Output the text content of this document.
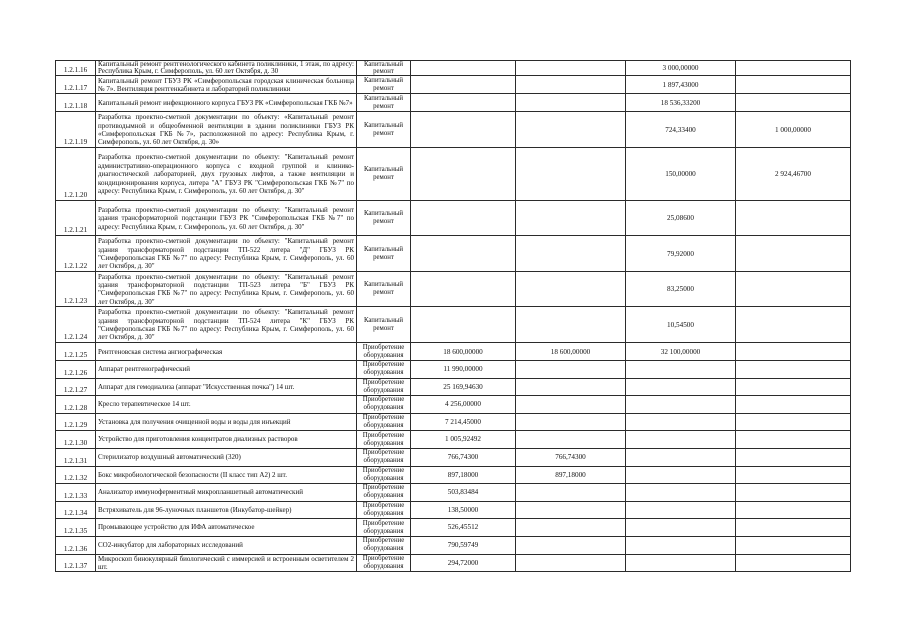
1.2.1.16	Капитальный ремонт рентгенологического кабинета поликлиники, 1 этаж, по адресу: Республика Крым, г. Симферополь, ул. 60 лет Октября, д. 30	Капитальный ремонт			3 000,00000	
1.2.1.17	Капитальный ремонт ГБУЗ РК «Симферопольская городская клиническая больница № 7». Вентиляция рентгенкабинета и лабораторий поликлиники	Капитальный ремонт			1 897,43000	
1.2.1.18	Капитальный ремонт инфекционного корпуса ГБУЗ РК «Симферопольская ГКБ №7»	Капитальный ремонт			18 536,33200	
1.2.1.19	Разработка проектно-сметной документации по объекту: «Капитальный ремонт противодымной и общеобменной вентиляции в здании поликлиники ГБУЗ РК «Симферопольская ГКБ №7», расположенной по адресу: Республика Крым, г. Симферополь, ул. 60 лет Октября, д. 30»	Капитальный ремонт			724,33400	1 000,00000
1.2.1.20	Разработка проектно-сметной документации по объекту: "Капитальный ремонт административно-операционного корпуса с входной группой и клинико-диагностической лабораторией, двух грузовых лифтов, а также вентиляции и кондиционирования корпуса, литера "А" ГБУЗ РК "Симферопольская ГКБ №7" по адресу: Республика Крым, г. Симферополь, ул. 60 лет Октября, д. 30"	Капитальный ремонт			150,00000	2 924,46700
1.2.1.21	Разработка проектно-сметной документации по объекту: "Капитальный ремонт здания трансформаторной подстанции ГБУЗ РК "Симферопольская ГКБ №7" по адресу: Республика Крым, г. Симферополь, ул. 60 лет Октября, д. 30"	Капитальный ремонт			25,08600	
1.2.1.22	Разработка проектно-сметной документации по объекту: "Капитальный ремонт здания трансформаторной подстанции ТП-522 литера "Д" ГБУЗ РК "Симферопольская ГКБ №7" по адресу: Республика Крым, г. Симферополь, ул. 60 лет Октября, д. 30"	Капитальный ремонт			79,92000	
1.2.1.23	Разработка проектно-сметной документации по объекту: "Капитальный ремонт здания трансформаторной подстанции ТП-523 литера "Б" ГБУЗ РК "Симферопольская ГКБ №7" по адресу: Республика Крым, г. Симферополь, ул. 60 лет Октября, д. 30"	Капитальный ремонт			83,25000	
1.2.1.24	Разработка проектно-сметной документации по объекту: "Капитальный ремонт здания трансформаторной подстанции ТП-524 литера "К" ГБУЗ РК "Симферопольская ГКБ №7" по адресу: Республика Крым, г. Симферополь, ул. 60 лет Октября, д. 30"	Капитальный ремонт			10,54500	
1.2.1.25	Рентгеновская система ангиографическая	Приобретение оборудования	18 600,00000	18 600,00000	32 100,00000	
1.2.1.26	Аппарат рентгенографический	Приобретение оборудования	11 990,00000			
1.2.1.27	Аппарат для гемодиализа (аппарат "Искусственная почка") 14 шт.	Приобретение оборудования	25 169,94630			
1.2.1.28	Кресло терапевтическое 14 шт.	Приобретение оборудования	4 256,00000			
1.2.1.29	Установка для получения очищенной воды и воды для инъекций	Приобретение оборудования	7 214,45000			
1.2.1.30	Устройство для приготовления концентратов диализных растворов	Приобретение оборудования	1 005,92492			
1.2.1.31	Стерилизатор воздушный автоматический (320)	Приобретение оборудования	766,74300	766,74300		
1.2.1.32	Бокс микробиологической безопасности (II класс тип А2) 2 шт.	Приобретение оборудования	897,18000	897,18000		
1.2.1.33	Анализатор иммуноферментный микропланшетный автоматический	Приобретение оборудования	503,83484			
1.2.1.34	Встряхиватель для 96-луночных планшетов (Инкубатор-шейкер)	Приобретение оборудования	138,50000			
1.2.1.35	Промывающее устройство для ИФА автоматическое	Приобретение оборудования	526,45512			
1.2.1.36	СО2-инкубатор для лабораторных исследований	Приобретение оборудования	790,59749			
1.2.1.37	Микроскоп бинокулярный биологический с иммерсией и встроенным осветителем 2 шт.	Приобретение оборудования	294,72000			
